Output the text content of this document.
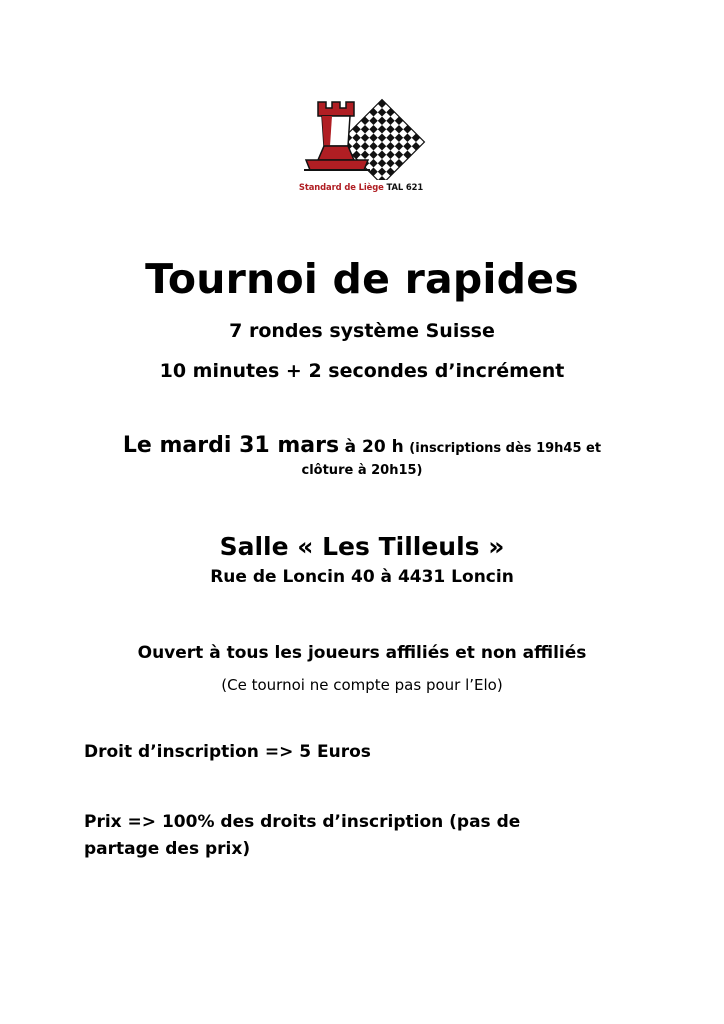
Standard de Liège TAL 621
Tournoi de rapides
7 rondes système Suisse
10 minutes + 2 secondes d’incrément
Le mardi 31 mars à 20 h (inscriptions dès 19h45 et
clôture à 20h15)
Salle « Les Tilleuls »
Rue de Loncin 40 à 4431 Loncin
Ouvert à tous les joueurs affiliés et non affiliés
(Ce tournoi ne compte pas pour l’Elo)
Droit d’inscription => 5 Euros
Prix => 100% des droits d’inscription (pas de
partage des prix)
